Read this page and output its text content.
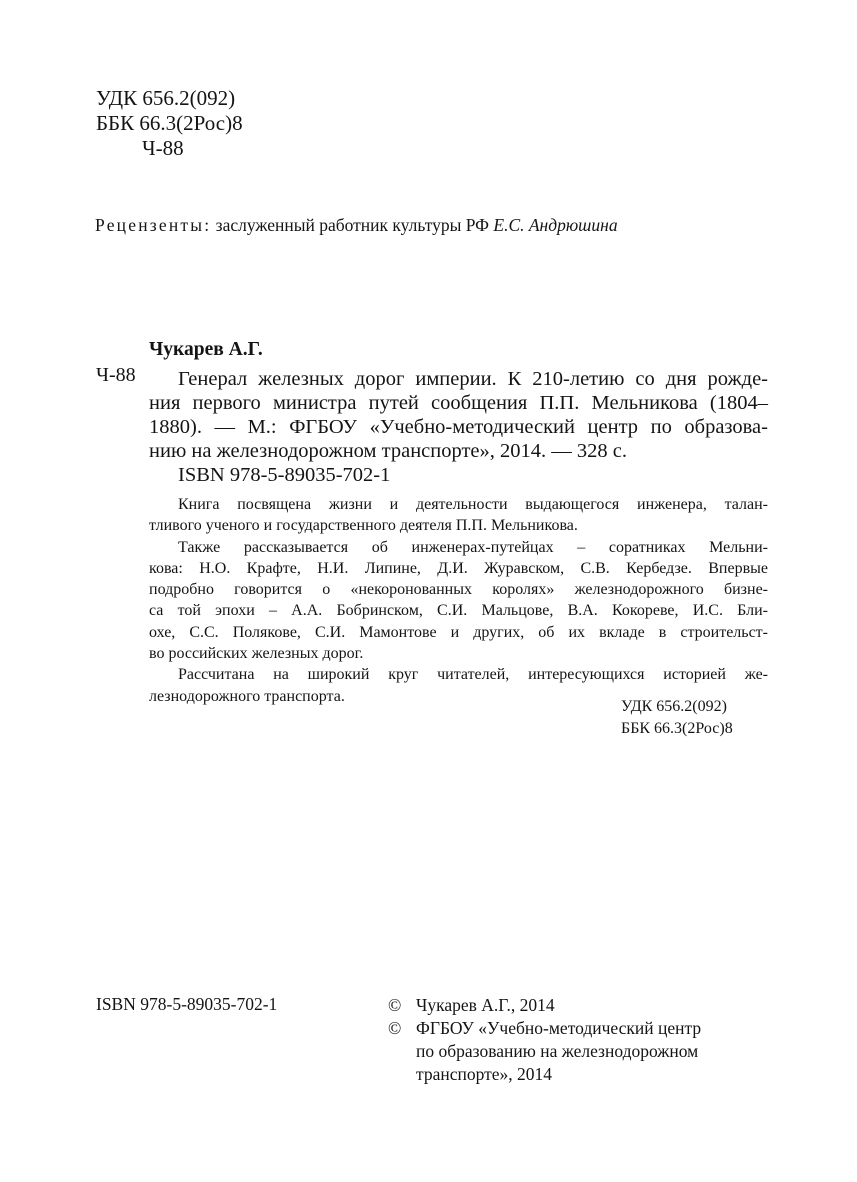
УДК 656.2(092)
ББК 66.3(2Рос)8
Ч-88
Рецензенты: заслуженный работник культуры РФ Е.С. Андрюшина
Чукарев А.Г.
Ч-88 Генерал железных дорог империи. К 210-летию со дня рожде-
ния первого министра путей сообщения П.П. Мельникова (1804–
1880). — М.: ФГБОУ «Учебно-методический центр по образова-
нию на железнодорожном транспорте», 2014. — 328 с.
ISBN 978-5-89035-702-1
Книга посвящена жизни и деятельности выдающегося инженера, талан-
тливого ученого и государственного деятеля П.П. Мельникова.
Также рассказывается об инженерах-путейцах – соратниках Мельни-
кова: Н.О. Крафте, Н.И. Липине, Д.И. Журавском, С.В. Кербедзе. Впервые
подробно говорится о «некоронованных королях» железнодорожного бизне-
са той эпохи – А.А. Бобринском, С.И. Мальцове, В.А. Кокореве, И.С. Бли-
охе, С.С. Полякове, С.И. Мамонтове и других, об их вкладе в строительст-
во российских железных дорог.
Рассчитана на широкий круг читателей, интересующихся историей же-
лезнодорожного транспорта.
УДК 656.2(092)
ББК 66.3(2Рос)8
ISBN 978-5-89035-702-1	© Чукарев А.Г., 2014
© ФГБОУ «Учебно-методический центр
по образованию на железнодорожном
транспорте», 2014
